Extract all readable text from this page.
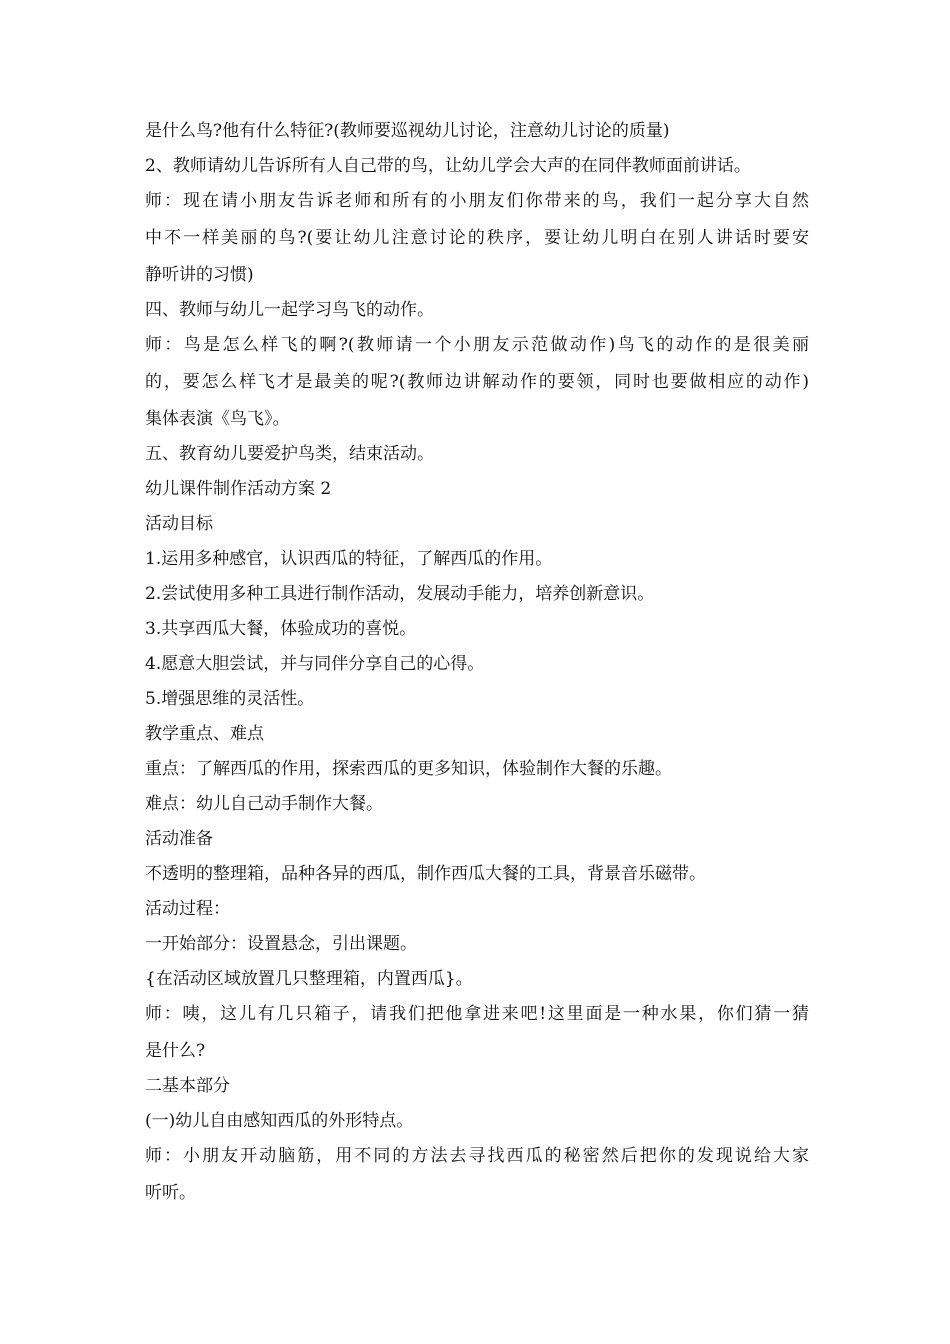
是什么鸟?他有什么特征?(教师要巡视幼儿讨论，注意幼儿讨论的质量)
2、教师请幼儿告诉所有人自己带的鸟，让幼儿学会大声的在同伴教师面前讲话。
师：现在请小朋友告诉老师和所有的小朋友们你带来的鸟，我们一起分享大自然
中不一样美丽的鸟?(要让幼儿注意讨论的秩序，要让幼儿明白在别人讲话时要安
静听讲的习惯)
四、教师与幼儿一起学习鸟飞的动作。
师：鸟是怎么样飞的啊?(教师请一个小朋友示范做动作)鸟飞的动作的是很美丽
的，要怎么样飞才是最美的呢?(教师边讲解动作的要领，同时也要做相应的动作)
集体表演《鸟飞》。
五、教育幼儿要爱护鸟类，结束活动。
幼儿课件制作活动方案 2
活动目标
1.运用多种感官，认识西瓜的特征，了解西瓜的作用。
2.尝试使用多种工具进行制作活动，发展动手能力，培养创新意识。
3.共享西瓜大餐，体验成功的喜悦。
4.愿意大胆尝试，并与同伴分享自己的心得。
5.增强思维的灵活性。
教学重点、难点
重点：了解西瓜的作用，探索西瓜的更多知识，体验制作大餐的乐趣。
难点：幼儿自己动手制作大餐。
活动准备
不透明的整理箱，品种各异的西瓜，制作西瓜大餐的工具，背景音乐磁带。
活动过程：
一开始部分：设置悬念，引出课题。
{在活动区域放置几只整理箱，内置西瓜}。
师：咦，这儿有几只箱子，请我们把他拿进来吧!这里面是一种水果，你们猜一猜
是什么?
二基本部分
(一)幼儿自由感知西瓜的外形特点。
师：小朋友开动脑筋，用不同的方法去寻找西瓜的秘密然后把你的发现说给大家
听听。
